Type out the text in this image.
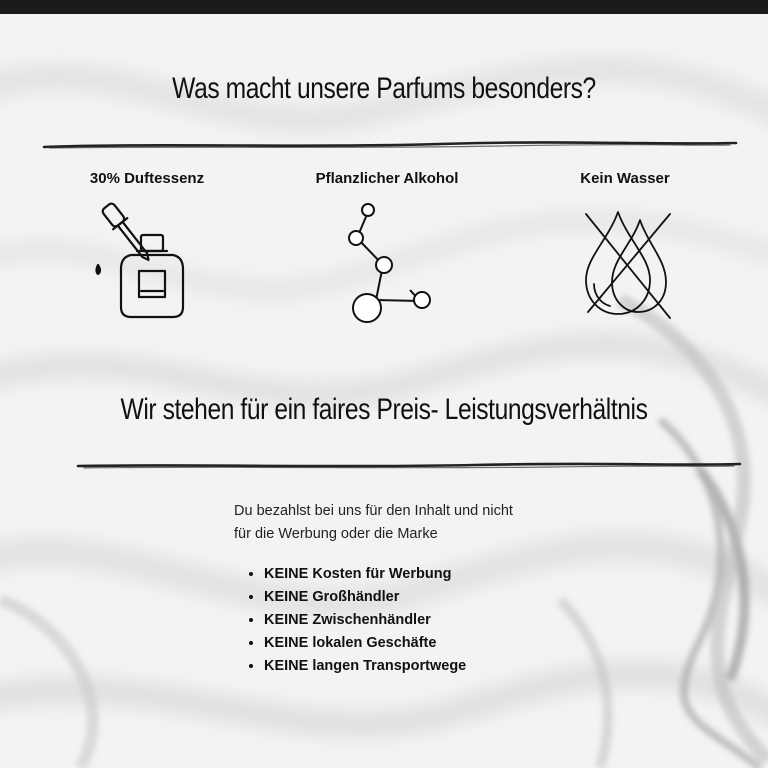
Was macht unsere Parfums besonders?
30% Duftessenz	Pflanzlicher Alkohol	Kein Wasser
Wir stehen für ein faires Preis- Leistungsverhältnis
Du bezahlst bei uns für den Inhalt und nicht
für die Werbung oder die Marke
• KEINE Kosten für Werbung
• KEINE Großhändler
• KEINE Zwischenhändler
• KEINE lokalen Geschäfte
• KEINE langen Transportwege
